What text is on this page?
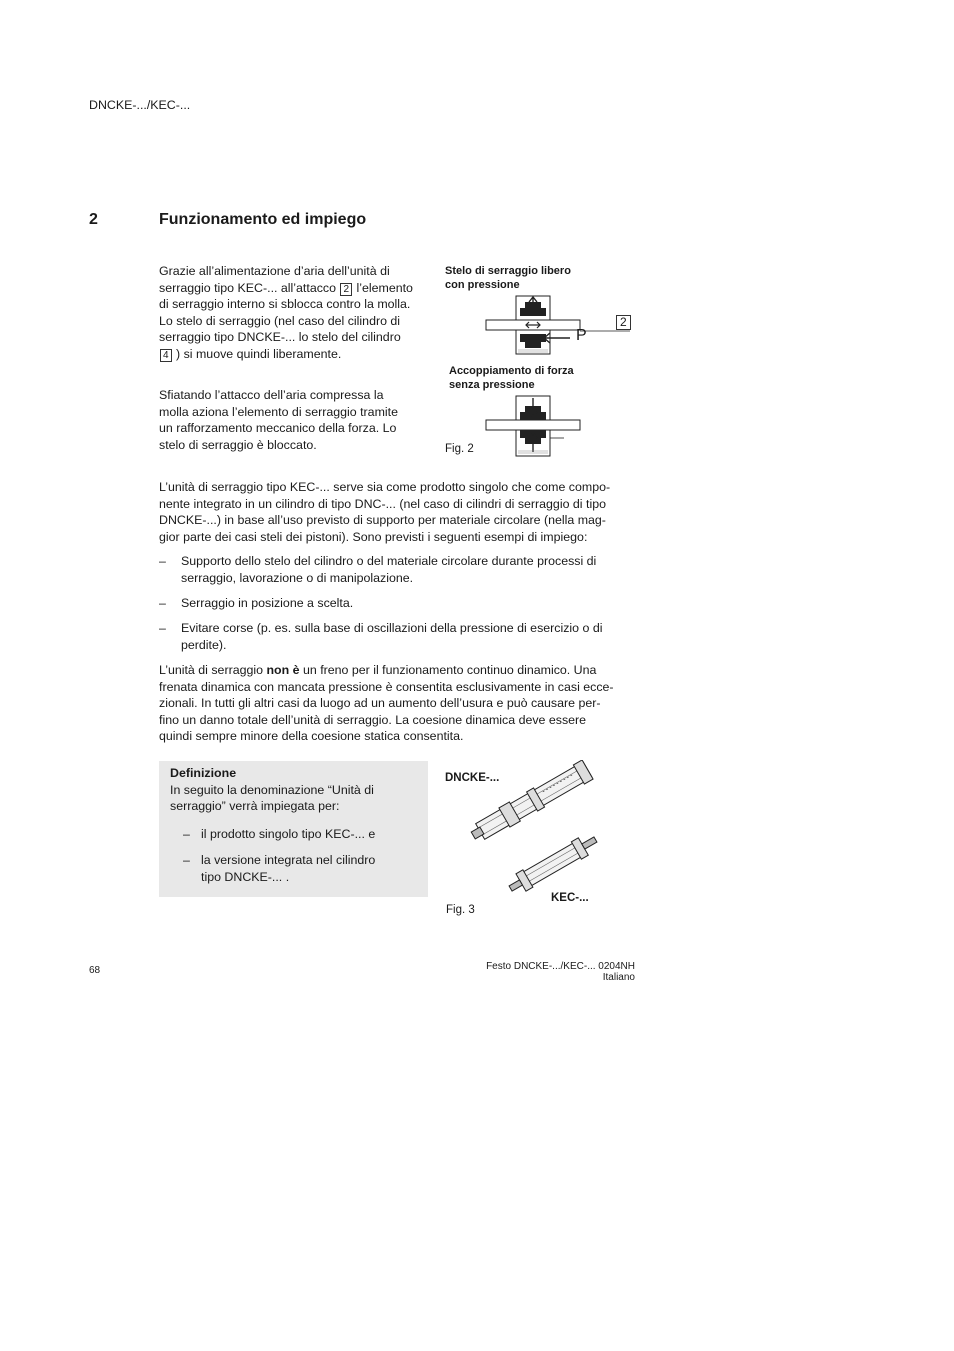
DNCKE-.../KEC-...
2	Funzionamento ed impiego

Grazie all’alimentazione d’aria dell’unità di

serraggio tipo KEC-... all’attacco 2 l’elemento

di serraggio interno si sblocca contro la molla.

Lo stelo di serraggio (nel caso del cilindro di

serraggio tipo DNCKE-... lo stelo del cilindro

4 ) si muove quindi liberamente.

Sfiatando l’attacco dell’aria compressa la

molla aziona l’elemento di serraggio tramite

un rafforzamento meccanico della forza. Lo

stelo di serraggio è bloccato.

Stelo di serraggio libero
con pressione
2
P
Accoppiamento di forza
senza pressione
Fig. 2

L’unità di serraggio tipo KEC-... serve sia come prodotto singolo che come compo-

nente integrato in un cilindro di tipo DNC-... (nel caso di cilindri di serraggio di tipo

DNCKE-...) in base all’uso previsto di supporto per materiale circolare (nella mag-

gior parte dei casi steli dei pistoni). Sono previsti i seguenti esempi di impiego:

– Supporto dello stelo del cilindro o del materiale circolare durante processi di
serraggio, lavorazione o di manipolazione.
– Serraggio in posizione a scelta.
– Evitare corse (p. es. sulla base di oscillazioni della pressione di esercizio o di
perdite).

L’unità di serraggio non è un freno per il funzionamento continuo dinamico. Una

frenata dinamica con mancata pressione è consentita esclusivamente in casi ecce-

zionali. In tutti gli altri casi da luogo ad un aumento dell’usura e può causare per-

fino un danno totale dell’unità di serraggio. La coesione dinamica deve essere

quindi sempre minore della coesione statica consentita.

Definizione
In seguito la denominazione “Unità di
serraggio” verrà impiegata per:
– il prodotto singolo tipo KEC-... e
– la versione integrata nel cilindro
tipo DNCKE-... .
DNCKE-...
KEC-...
Fig. 3
68	Festo DNCKE-.../KEC-... 0204NH Italiano
